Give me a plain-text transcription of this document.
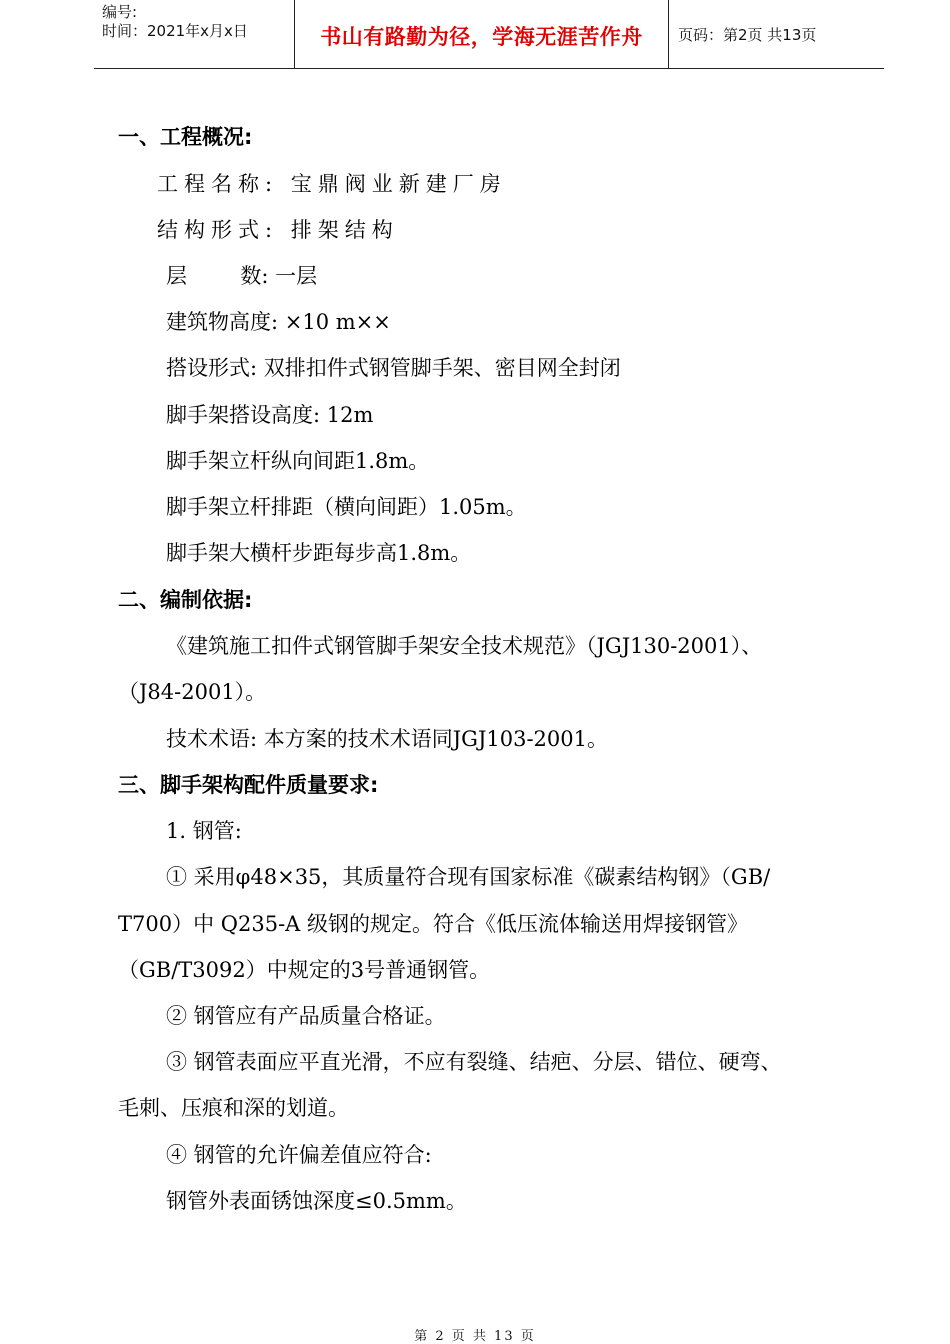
编号:
时间：2021年x月x日	书山有路勤为径，学海无涯苦作舟	页码：第2页 共13页
一、工程概况:
工程名称: 宝鼎阀业新建厂房
结构形式: 排架结构
层        数: 一层
建筑物高度: ×10 m××
搭设形式: 双排扣件式钢管脚手架、密目网全封闭
脚手架搭设高度: 12m
脚手架立杆纵向间距1.8m。
脚手架立杆排距（横向间距）1.05m。
脚手架大横杆步距每步高1.8m。
二、编制依据:
《建筑施工扣件式钢管脚手架安全技术规范》（JGJ130-2001）、
（J84-2001）。
技术术语: 本方案的技术术语同JGJ103-2001。
三、脚手架构配件质量要求:
1. 钢管:
① 采用φ48×35，其质量符合现有国家标准《碳素结构钢》（GB/
T700）中 Q235-A 级钢的规定。符合《低压流体输送用焊接钢管》
（GB/T3092）中规定的3号普通钢管。
② 钢管应有产品质量合格证。
③ 钢管表面应平直光滑，不应有裂缝、结疤、分层、错位、硬弯、
毛刺、压痕和深的划道。
④ 钢管的允许偏差值应符合:
钢管外表面锈蚀深度≤0.5mm。
第 2 页 共 13 页
